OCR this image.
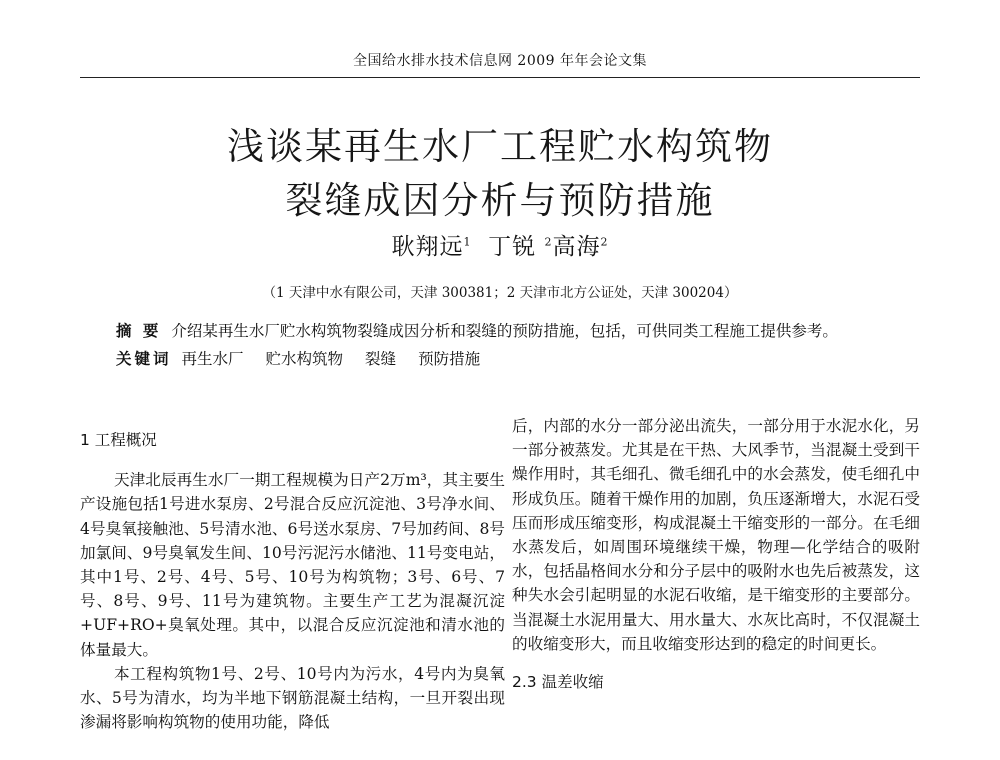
全国给水排水技术信息网 2009 年年会论文集
浅谈某再生水厂工程贮水构筑物
裂缝成因分析与预防措施
耿翔远$^1$ 丁锐 $^2$高海$^2$
（1 天津中水有限公司，天津 300381；2 天津市北方公证处，天津 300204）

摘 要 介绍某再生水厂贮水构筑物裂缝成因分析和裂缝的预防措施，包括，可供同类工程施工提供参考。

关键词 再生水厂 贮水构筑物 裂缝 预防措施

1 工程概况

天津北辰再生水厂一期工程规模为日产2万m³，其主要生产设施包括1号进水泵房、2号混合反应沉淀池、3号净水间、4号臭氧接触池、5号清水池、6号送水泵房、7号加药间、8号加氯间、9号臭氧发生间、10号污泥污水储池、11号变电站，其中1号、2号、4号、5号、10号为构筑物；3号、6号、7号、8号、9号、11号为建筑物。主要生产工艺为混凝沉淀+UF+RO+臭氧处理。其中，以混合反应沉淀池和清水池的体量最大。

本工程构筑物1号、2号、10号内为污水，4号内为臭氧水、5号为清水，均为半地下钢筋混凝土结构，一旦开裂出现渗漏将影响构筑物的使用功能，降低

后，内部的水分一部分泌出流失，一部分用于水泥水化，另一部分被蒸发。尤其是在干热、大风季节，当混凝土受到干燥作用时，其毛细孔、微毛细孔中的水会蒸发，使毛细孔中形成负压。随着干燥作用的加剧，负压逐渐增大，水泥石受压而形成压缩变形，构成混凝土干缩变形的一部分。在毛细水蒸发后，如周围环境继续干燥，物理—化学结合的吸附水，包括晶格间水分和分子层中的吸附水也先后被蒸发，这种失水会引起明显的水泥石收缩，是干缩变形的主要部分。当混凝土水泥用量大、用水量大、水灰比高时，不仅混凝土的收缩变形大，而且收缩变形达到的稳定的时间更长。

2.3 温差收缩
